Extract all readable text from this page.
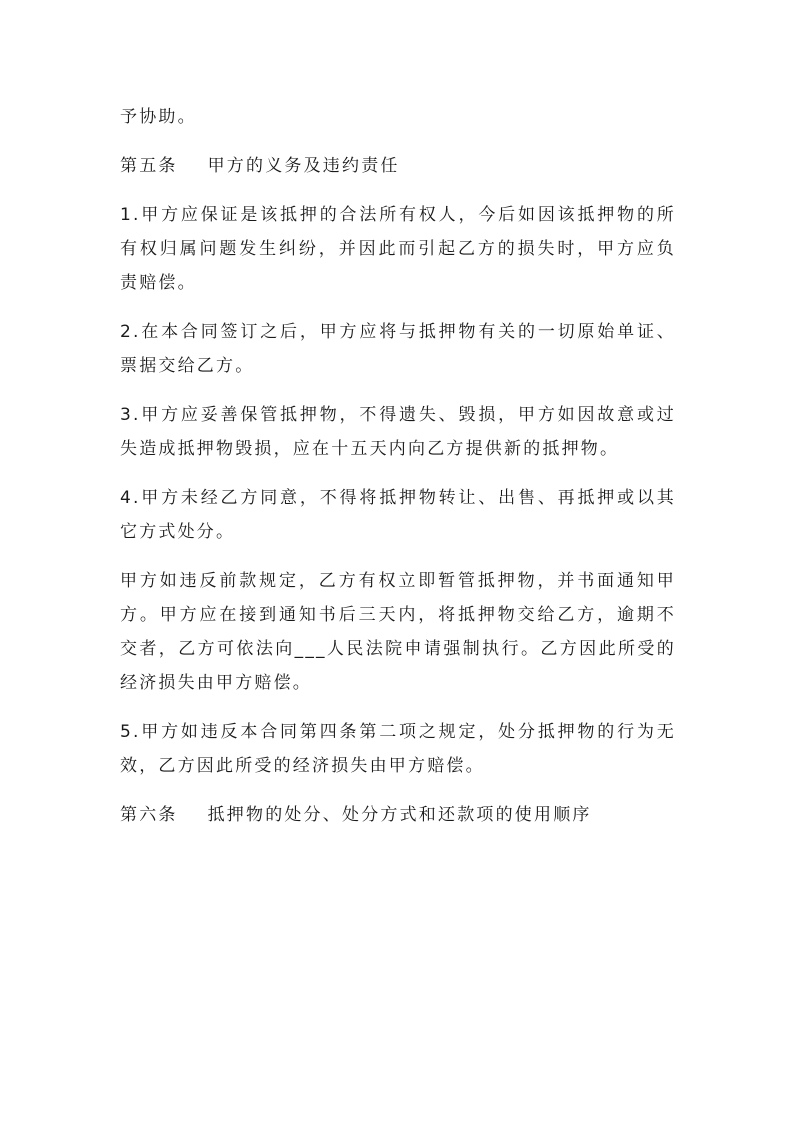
予协助。

第五条 甲方的义务及违约责任

1.甲方应保证是该抵押的合法所有权人，今后如因该抵押物的所有权归属问题发生纠纷，并因此而引起乙方的损失时，甲方应负责赔偿。

2.在本合同签订之后，甲方应将与抵押物有关的一切原始单证、票据交给乙方。

3.甲方应妥善保管抵押物，不得遗失、毁损，甲方如因故意或过失造成抵押物毁损，应在十五天内向乙方提供新的抵押物。

4.甲方未经乙方同意，不得将抵押物转让、出售、再抵押或以其它方式处分。

甲方如违反前款规定，乙方有权立即暂管抵押物，并书面通知甲方。甲方应在接到通知书后三天内，将抵押物交给乙方，逾期不交者，乙方可依法向___人民法院申请强制执行。乙方因此所受的经济损失由甲方赔偿。

5.甲方如违反本合同第四条第二项之规定，处分抵押物的行为无效，乙方因此所受的经济损失由甲方赔偿。

第六条 抵押物的处分、处分方式和还款项的使用顺序
